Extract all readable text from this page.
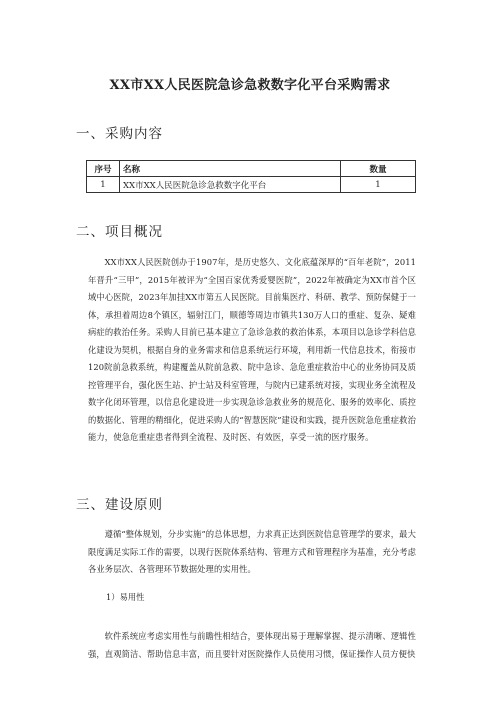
XX市XX人民医院急诊急救数字化平台采购需求
一、采购内容
序号	名称	数量
1	XX市XX人民医院急诊急救数字化平台	1
二、项目概况
XX市XX人民医院创办于1907年，是历史悠久、文化底蕴深厚的“百年老院”，2011年晋升“三甲”，2015年被评为“全国百家优秀爱婴医院”，2022年被确定为XX市首个区域中心医院，2023年加挂XX市第五人民医院。目前集医疗、科研、教学、预防保健于一体，承担着周边8个镇区，辐射江门，顺德等周边市镇共130万人口的重症、复杂、疑难病症的救治任务。采购人目前已基本建立了急诊急救的救治体系，本项目以急诊学科信息化建设为契机，根据自身的业务需求和信息系统运行环境，利用新一代信息技术，衔接市120院前急救系统，构建覆盖从院前急救、院中急诊、急危重症救治中心的业务协同及质控管理平台，强化医生站、护士站及科室管理，与院内已建系统对接，实现业务全流程及数字化闭环管理，以信息化建设进一步实现急诊急救业务的规范化、服务的效率化、质控的数据化、管理的精细化，促进采购人的“智慧医院”建设和实践，提升医院急危重症救治能力，使急危重症患者得到全流程、及时医、有效医，享受一流的医疗服务。
三、建设原则
遵循“整体规划，分步实施”的总体思想，力求真正达到医院信息管理学的要求，最大限度满足实际工作的需要，以现行医院体系结构、管理方式和管理程序为基准，充分考虑各业务层次、各管理环节数据处理的实用性。
1）易用性
软件系统应考虑实用性与前瞻性相结合，要体现出易于理解掌握、提示清晰、逻辑性强，直观简洁、帮助信息丰富，而且要针对医院操作人员使用习惯，保证操作人员方便快
